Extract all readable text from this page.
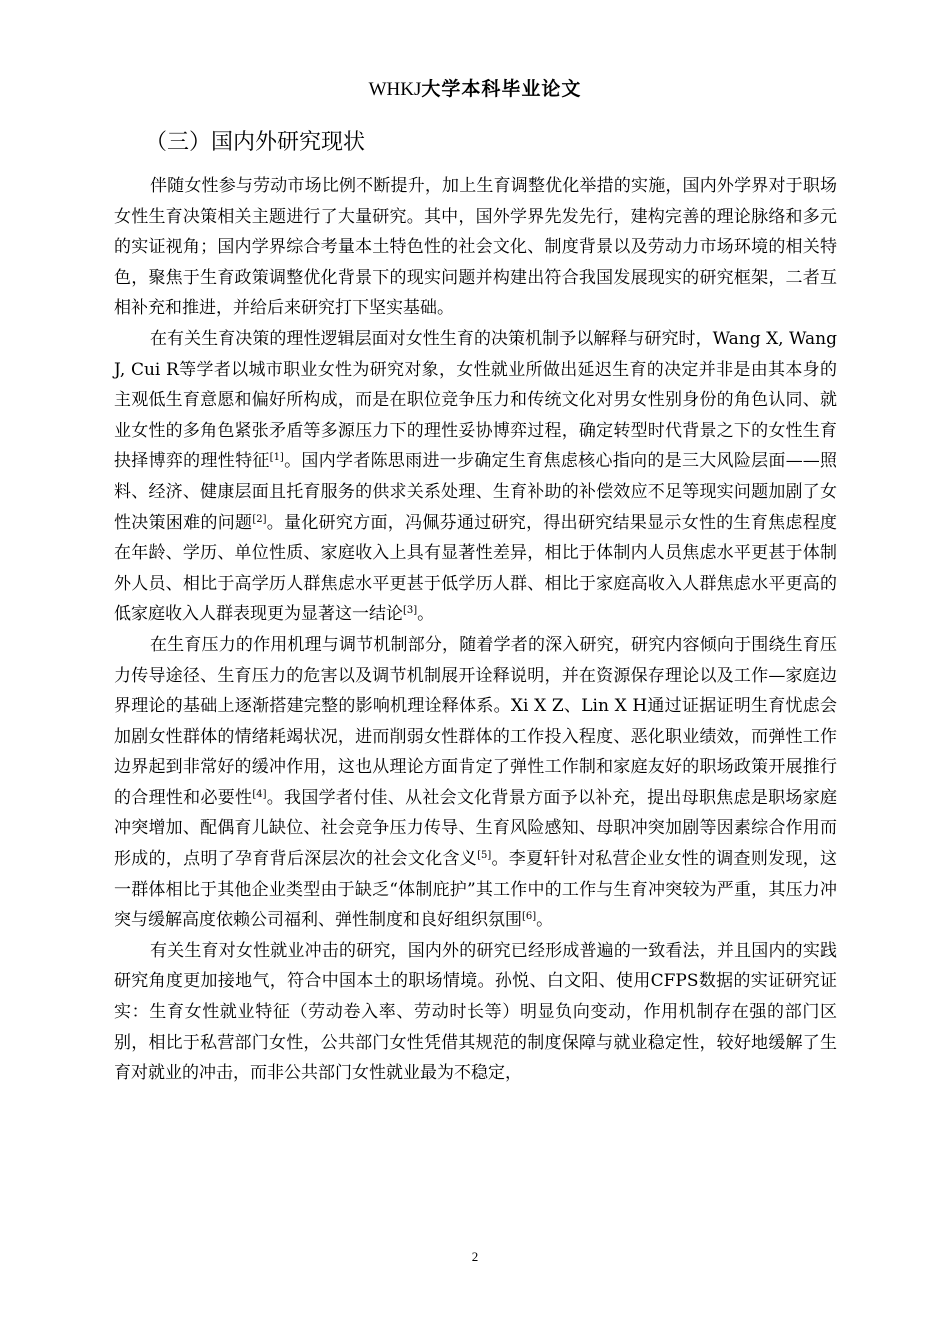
WHKJ大学本科毕业论文
（三）国内外研究现状

伴随女性参与劳动市场比例不断提升，加上生育调整优化举措的实施，国内外学界对于职场女性生育决策相关主题进行了大量研究。其中，国外学界先发先行，建构完善的理论脉络和多元的实证视角；国内学界综合考量本土特色性的社会文化、制度背景以及劳动力市场环境的相关特色，聚焦于生育政策调整优化背景下的现实问题并构建出符合我国发展现实的研究框架，二者互相补充和推进，并给后来研究打下坚实基础。

在有关生育决策的理性逻辑层面对女性生育的决策机制予以解释与研究时，Wang X, Wang J, Cui R等学者以城市职业女性为研究对象，女性就业所做出延迟生育的决定并非是由其本身的主观低生育意愿和偏好所构成，而是在职位竞争压力和传统文化对男女性别身份的角色认同、就业女性的多角色紧张矛盾等多源压力下的理性妥协博弈过程，确定转型时代背景之下的女性生育抉择博弈的理性特征[1]。国内学者陈思雨进一步确定生育焦虑核心指向的是三大风险层面——照料、经济、健康层面且托育服务的供求关系处理、生育补助的补偿效应不足等现实问题加剧了女性决策困难的问题[2]。量化研究方面，冯佩芬通过研究，得出研究结果显示女性的生育焦虑程度在年龄、学历、单位性质、家庭收入上具有显著性差异，相比于体制内人员焦虑水平更甚于体制外人员、相比于高学历人群焦虑水平更甚于低学历人群、相比于家庭高收入人群焦虑水平更高的低家庭收入人群表现更为显著这一结论[3]。

在生育压力的作用机理与调节机制部分，随着学者的深入研究，研究内容倾向于围绕生育压力传导途径、生育压力的危害以及调节机制展开诠释说明，并在资源保存理论以及工作—家庭边界理论的基础上逐渐搭建完整的影响机理诠释体系。Xi X Z、Lin X H通过证据证明生育忧虑会加剧女性群体的情绪耗竭状况，进而削弱女性群体的工作投入程度、恶化职业绩效，而弹性工作边界起到非常好的缓冲作用，这也从理论方面肯定了弹性工作制和家庭友好的职场政策开展推行的合理性和必要性[4]。我国学者付佳、从社会文化背景方面予以补充，提出母职焦虑是职场家庭冲突增加、配偶育儿缺位、社会竞争压力传导、生育风险感知、母职冲突加剧等因素综合作用而形成的，点明了孕育背后深层次的社会文化含义[5]。李夏轩针对私营企业女性的调查则发现，这一群体相比于其他企业类型由于缺乏“体制庇护”其工作中的工作与生育冲突较为严重，其压力冲突与缓解高度依赖公司福利、弹性制度和良好组织氛围[6]。

有关生育对女性就业冲击的研究，国内外的研究已经形成普遍的一致看法，并且国内的实践研究角度更加接地气，符合中国本土的职场情境。孙悦、白文阳、使用CFPS数据的实证研究证实：生育女性就业特征（劳动卷入率、劳动时长等）明显负向变动，作用机制存在强的部门区别，相比于私营部门女性，公共部门女性凭借其规范的制度保障与就业稳定性，较好地缓解了生育对就业的冲击，而非公共部门女性就业最为不稳定，

2
